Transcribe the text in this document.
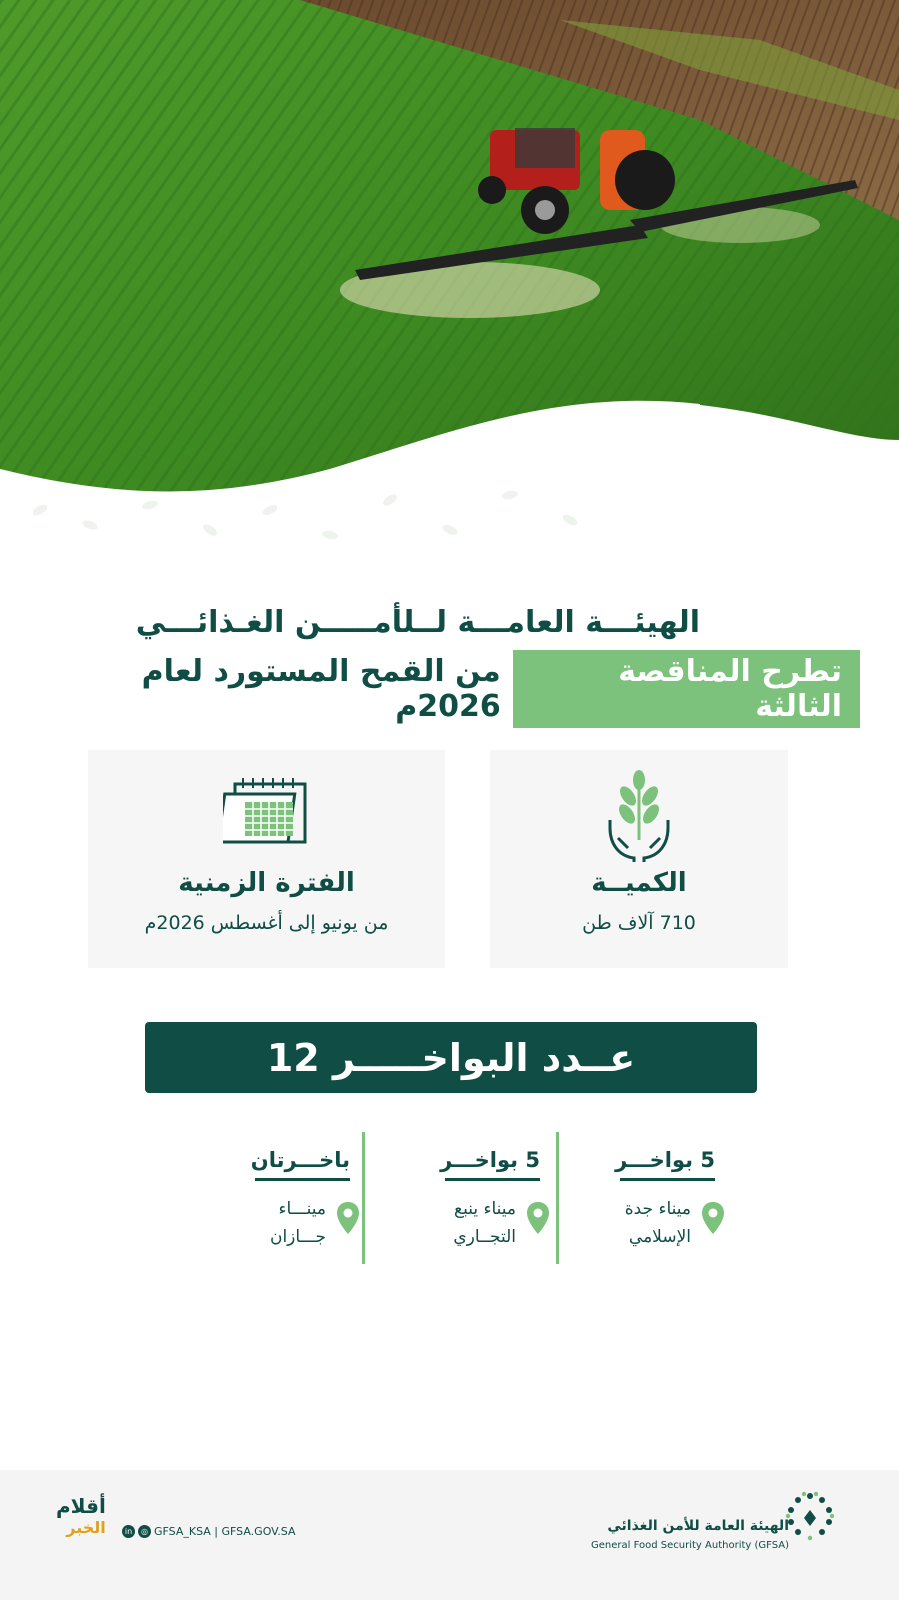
الهيئـــة العامـــة لــلأمـــــن الغـذائـــي
تطرح المناقصة الثالثة
من القمح المستورد لعام 2026م
الكميــة
710 آلاف طن
الفترة الزمنية
من يونيو إلى أغسطس 2026م
عــدد البواخـــــر 12
5 بواخـــر
ميناء جدة
الإسلامي
5 بواخـــر
ميناء ينبع
التجــاري
باخـــرتان
مينـــاء
جـــازان
الهيئة العامة للأمن الغذائي
General Food Security Authority (GFSA)
in	◎ GFSA_KSA | GFSA.GOV.SA
أقلام
الخبر
